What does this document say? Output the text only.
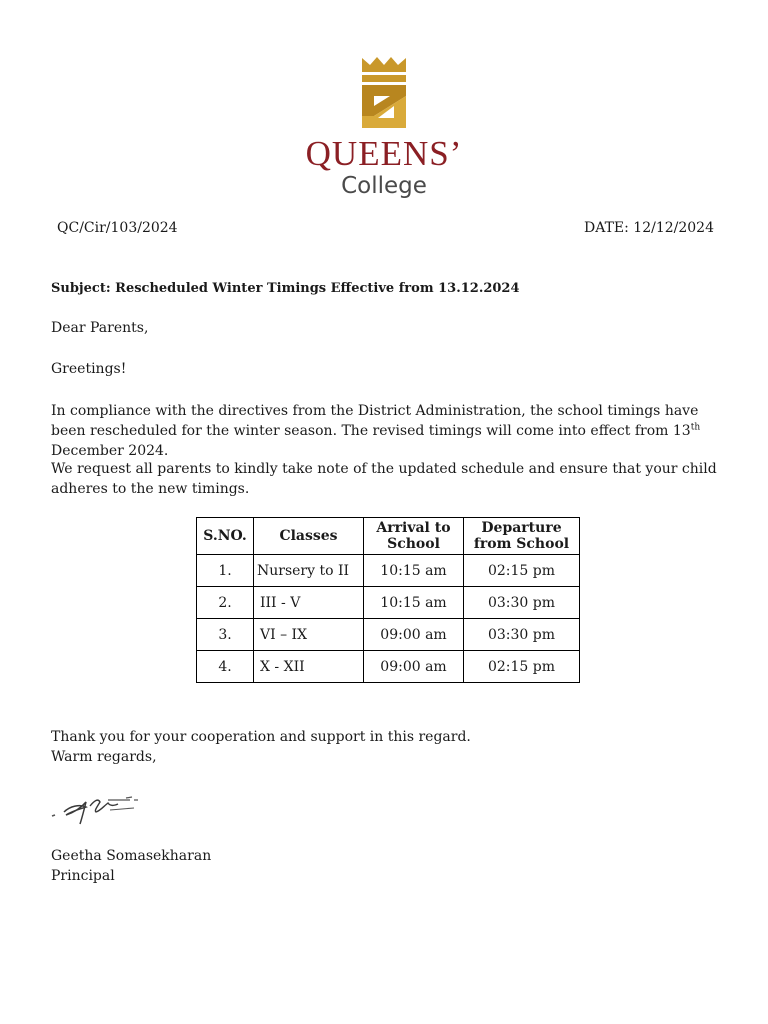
QUEENS’
College
QC/Cir/103/2024	DATE: 12/12/2024
Subject: Rescheduled Winter Timings Effective from 13.12.2024
Dear Parents,
Greetings!
In compliance with the directives from the District Administration, the school timings have been rescheduled for the winter season. The revised timings will come into effect from 13th December 2024.
We request all parents to kindly take note of the updated schedule and ensure that your child adheres to the new timings.
S.NO.	Classes	Arrival to School	Departure from School
1.	Nursery to II	10:15 am	02:15 pm
2.	III - V	10:15 am	03:30 pm
3.	VI – IX	09:00 am	03:30 pm
4.	X - XII	09:00 am	02:15 pm
Thank you for your cooperation and support in this regard.
Warm regards,
Geetha Somasekharan
Principal
